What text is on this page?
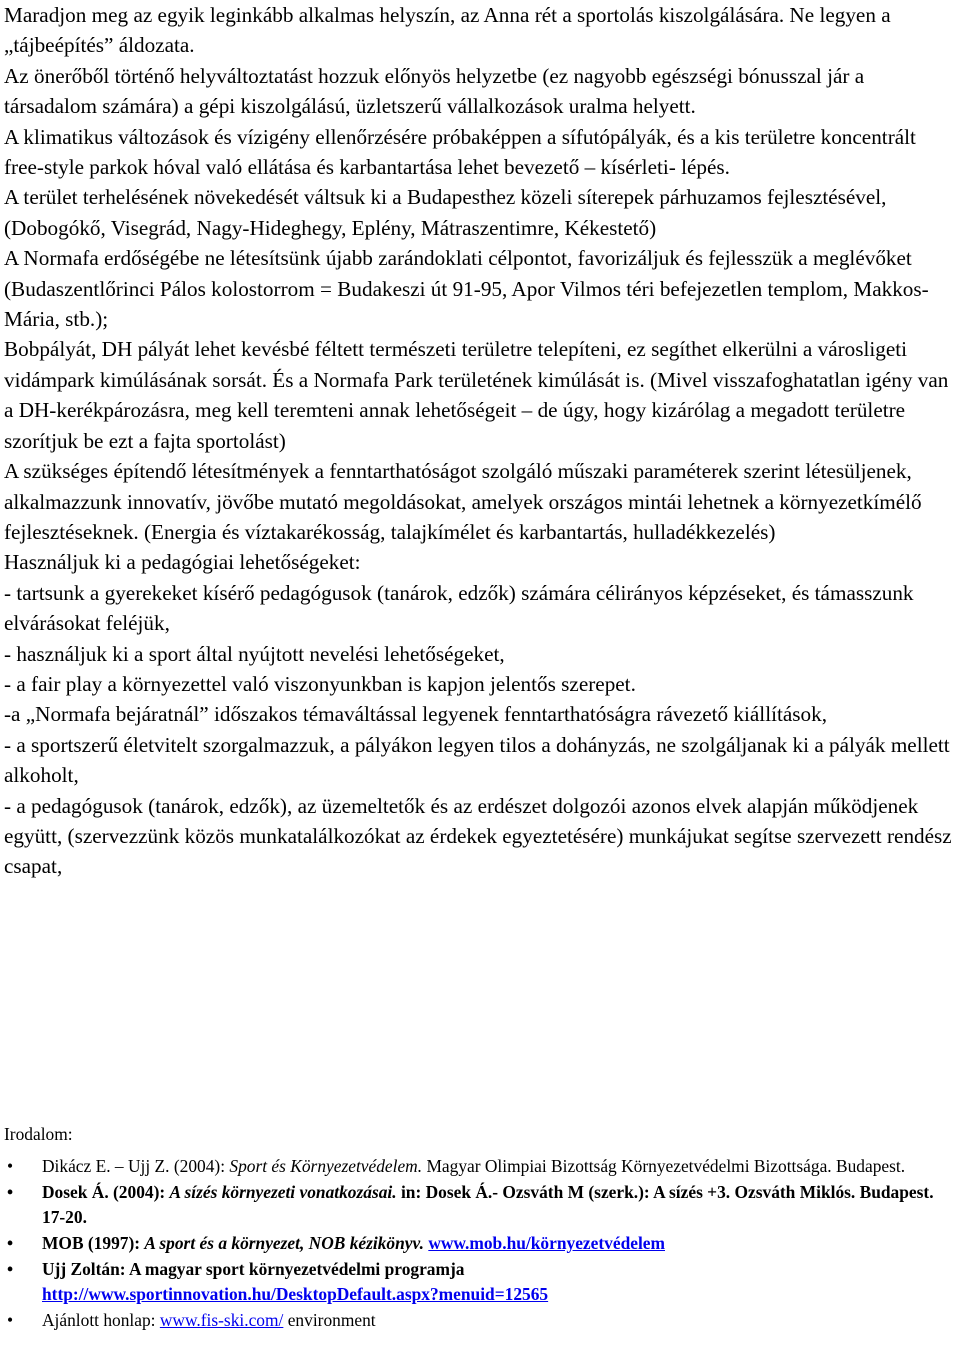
Maradjon meg az egyik leginkább alkalmas helyszín, az Anna rét a sportolás kiszolgálására. Ne legyen a „tájbeépítés” áldozata.

Az önerőből történő helyváltoztatást hozzuk előnyös helyzetbe (ez nagyobb egészségi bónusszal jár a társadalom számára) a gépi kiszolgálású, üzletszerű vállalkozások uralma helyett.

A klimatikus változások és vízigény ellenőrzésére próbaképpen a sífutópályák, és a kis területre koncentrált free-style parkok hóval való ellátása és karbantartása lehet bevezető – kísérleti- lépés.

A terület terhelésének növekedését váltsuk ki a Budapesthez közeli síterepek párhuzamos fejlesztésével, (Dobogókő, Visegrád, Nagy-Hideghegy, Eplény, Mátraszentimre, Kékestető)

A Normafa erdőségébe ne létesítsünk újabb zarándoklati célpontot, favorizáljuk és fejlesszük a meglévőket (Budaszentlőrinci Pálos kolostorrom = Budakeszi út 91-95, Apor Vilmos téri befejezetlen templom, Makkos-Mária, stb.);

Bobpályát, DH pályát lehet kevésbé féltett természeti területre telepíteni, ez segíthet elkerülni a városligeti vidámpark kimúlásának sorsát. És a Normafa Park területének kimúlását is. (Mivel visszafoghatatlan igény van a DH-kerékpározásra, meg kell teremteni annak lehetőségeit – de úgy, hogy kizárólag a megadott területre szorítjuk be ezt a fajta sportolást)

A szükséges építendő létesítmények a fenntarthatóságot szolgáló műszaki paraméterek szerint létesüljenek, alkalmazzunk innovatív, jövőbe mutató megoldásokat, amelyek országos mintái lehetnek a környezetkímélő fejlesztéseknek. (Energia és víztakarékosság, talajkímélet és karbantartás, hulladékkezelés)

Használjuk ki a pedagógiai lehetőségeket:

- tartsunk a gyerekeket kísérő pedagógusok (tanárok, edzők) számára célirányos képzéseket, és támasszunk elvárásokat feléjük,

- használjuk ki a sport által nyújtott nevelési lehetőségeket,

- a fair play a környezettel való viszonyunkban is kapjon jelentős szerepet.

-a „Normafa bejáratnál” időszakos témaváltással legyenek fenntarthatóságra rávezető kiállítások,

- a sportszerű életvitelt szorgalmazzuk, a pályákon legyen tilos a dohányzás, ne szolgáljanak ki a pályák mellett alkoholt,

- a pedagógusok (tanárok, edzők), az üzemeltetők és az erdészet dolgozói azonos elvek alapján működjenek együtt, (szervezzünk közös munkatalálkozókat az érdekek egyeztetésére) munkájukat segítse szervezett rendész csapat,

Irodalom:

• Dikácz E. – Ujj Z. (2004): Sport és Környezetvédelem. Magyar Olimpiai Bizottság Környezetvédelmi Bizottsága. Budapest.
• Dosek Á. (2004): A sízés környezeti vonatkozásai. in: Dosek Á.- Ozsváth M (szerk.): A sízés +3. Ozsváth Miklós. Budapest. 17-20.
• MOB (1997): A sport és a környezet, NOB kézikönyv. www.mob.hu/környezetvédelem
• Ujj Zoltán: A magyar sport környezetvédelmi programja
http://www.sportinnovation.hu/DesktopDefault.aspx?menuid=12565
• Ajánlott honlap: www.fis-ski.com/ environment
